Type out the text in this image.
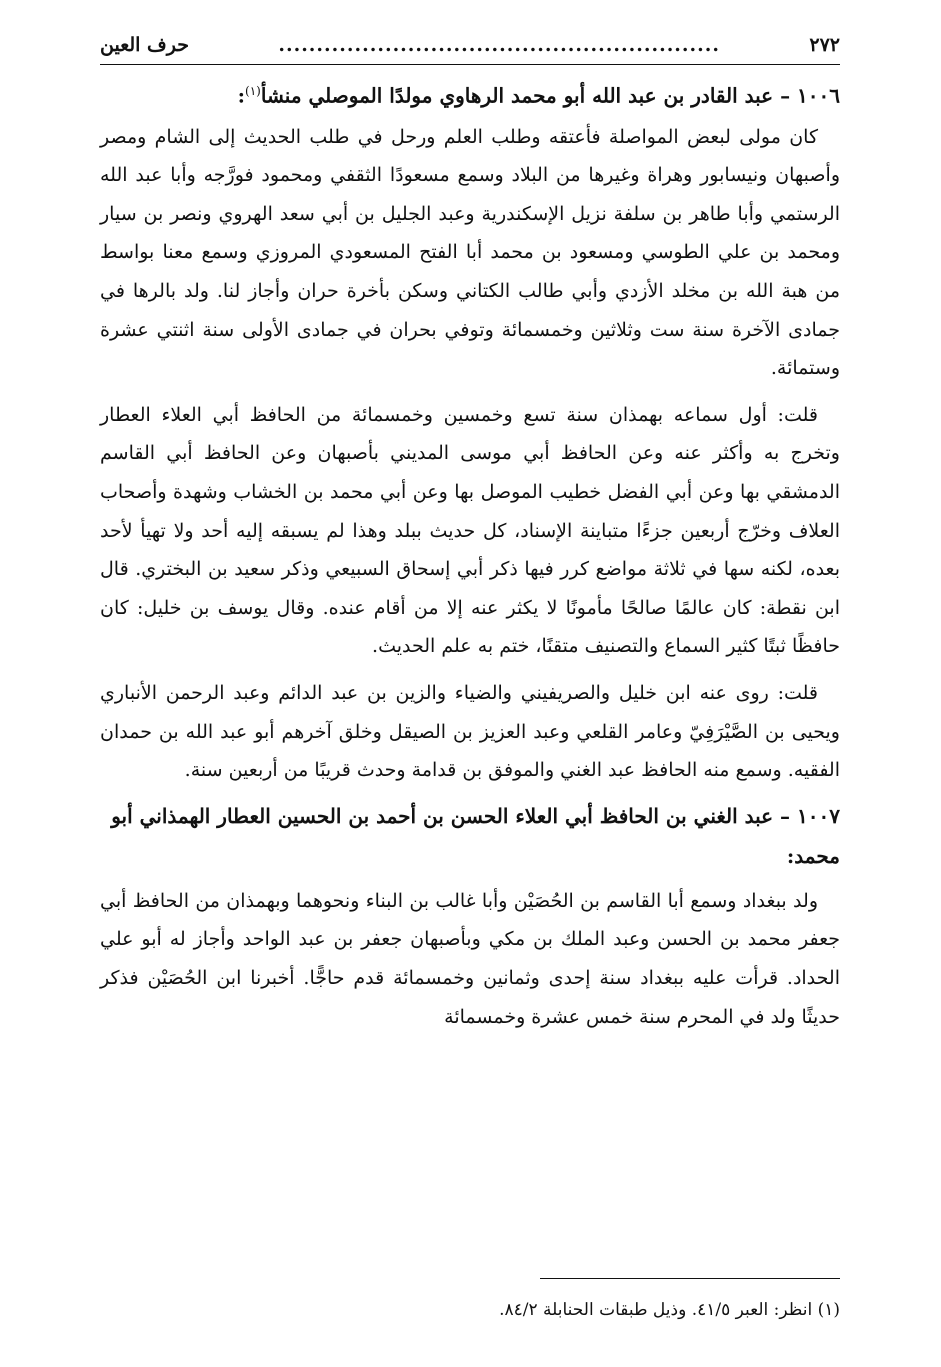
٢٧٢
..........................................................
حرف العين
١٠٠٦ – عبد القادر بن عبد الله أبو محمد الرهاوي مولدًا الموصلي منشأ$^{(١)}$:

كان مولى لبعض المواصلة فأعتقه وطلب العلم ورحل في طلب الحديث إلى الشام ومصر وأصبهان ونيسابور وهراة وغيرها من البلاد وسمع مسعودًا الثقفي ومحمود فورَّجه وأبا عبد الله الرستمي وأبا طاهر بن سلفة نزيل الإسكندرية وعبد الجليل بن أبي سعد الهروي ونصر بن سيار ومحمد بن علي الطوسي ومسعود بن محمد أبا الفتح المسعودي المروزي وسمع معنا بواسط من هبة الله بن مخلد الأزدي وأبي طالب الكتاني وسكن بأخرة حران وأجاز لنا. ولد بالرها في جمادى الآخرة سنة ست وثلاثين وخمسمائة وتوفي بحران في جمادى الأولى سنة اثنتي عشرة وستمائة.

قلت: أول سماعه بهمذان سنة تسع وخمسين وخمسمائة من الحافظ أبي العلاء العطار وتخرج به وأكثر عنه وعن الحافظ أبي موسى المديني بأصبهان وعن الحافظ أبي القاسم الدمشقي بها وعن أبي الفضل خطيب الموصل بها وعن أبي محمد بن الخشاب وشهدة وأصحاب العلاف وخرّج أربعين جزءًا متباينة الإسناد، كل حديث ببلد وهذا لم يسبقه إليه أحد ولا تهيأ لأحد بعده، لكنه سها في ثلاثة مواضع كرر فيها ذكر أبي إسحاق السبيعي وذكر سعيد بن البختري. قال ابن نقطة: كان عالمًا صالحًا مأمونًا لا يكثر عنه إلا من أقام عنده. وقال يوسف بن خليل: كان حافظًا ثبتًا كثير السماع والتصنيف متقنًا، ختم به علم الحديث.

قلت: روى عنه ابن خليل والصريفيني والضياء والزين بن عبد الدائم وعبد الرحمن الأنباري ويحيى بن الصَّيْرَفِيّ وعامر القلعي وعبد العزيز بن الصيقل وخلق آخرهم أبو عبد الله بن حمدان الفقيه. وسمع منه الحافظ عبد الغني والموفق بن قدامة وحدث قريبًا من أربعين سنة.

١٠٠٧ – عبد الغني بن الحافظ أبي العلاء الحسن بن أحمد بن الحسين العطار الهمذاني أبو محمد:

ولد ببغداد وسمع أبا القاسم بن الحُصَيْن وأبا غالب بن البناء ونحوهما وبهمذان من الحافظ أبي جعفر محمد بن الحسن وعبد الملك بن مكي وبأصبهان جعفر بن عبد الواحد وأجاز له أبو علي الحداد. قرأت عليه ببغداد سنة إحدى وثمانين وخمسمائة قدم حاجًّا. أخبرنا ابن الحُصَيْن فذكر حديثًا ولد في المحرم سنة خمس عشرة وخمسمائة

(١) انظر: العبر ٤١/٥. وذيل طبقات الحنابلة ٨٤/٢.
